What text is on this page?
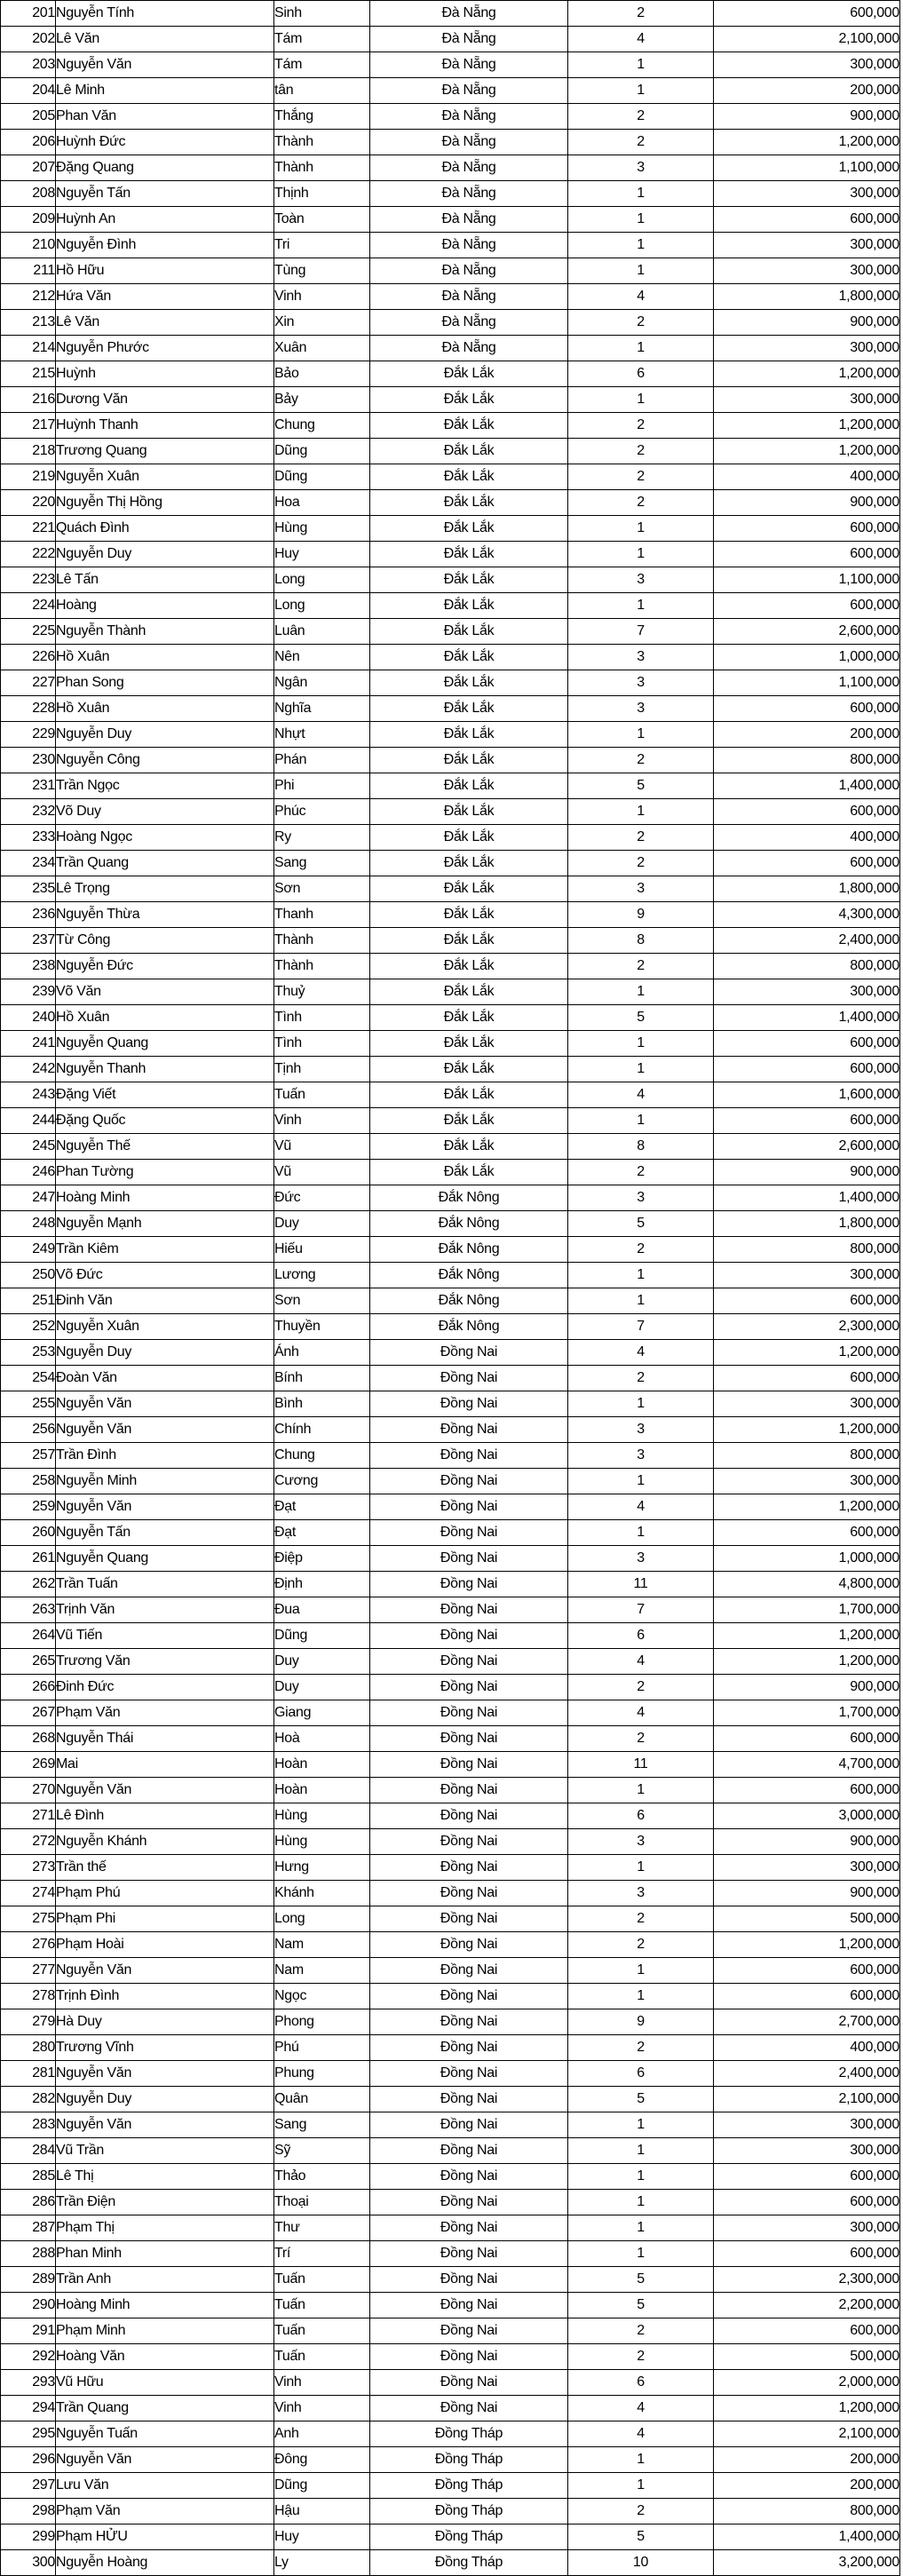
201	Nguyễn Tính	Sinh	Đà Nẵng	2	600,000
202	Lê Văn	Tám	Đà Nẵng	4	2,100,000
203	Nguyễn Văn	Tám	Đà Nẵng	1	300,000
204	Lê Minh	tân	Đà Nẵng	1	200,000
205	Phan Văn	Thắng	Đà Nẵng	2	900,000
206	Huỳnh Đức	Thành	Đà Nẵng	2	1,200,000
207	Đặng Quang	Thành	Đà Nẵng	3	1,100,000
208	Nguyễn Tấn	Thịnh	Đà Nẵng	1	300,000
209	Huỳnh An	Toàn	Đà Nẵng	1	600,000
210	Nguyễn Đình	Tri	Đà Nẵng	1	300,000
211	Hồ Hữu	Tùng	Đà Nẵng	1	300,000
212	Hứa Văn	Vinh	Đà Nẵng	4	1,800,000
213	Lê Văn	Xin	Đà Nẵng	2	900,000
214	Nguyễn Phước	Xuân	Đà Nẵng	1	300,000
215	Huỳnh	Bảo	Đắk Lắk	6	1,200,000
216	Dương Văn	Bảy	Đắk Lắk	1	300,000
217	Huỳnh Thanh	Chung	Đắk Lắk	2	1,200,000
218	Trương Quang	Dũng	Đắk Lắk	2	1,200,000
219	Nguyễn Xuân	Dũng	Đắk Lắk	2	400,000
220	Nguyễn Thị Hồng	Hoa	Đắk Lắk	2	900,000
221	Quách Đình	Hùng	Đắk Lắk	1	600,000
222	Nguyễn Duy	Huy	Đắk Lắk	1	600,000
223	Lê Tấn	Long	Đắk Lắk	3	1,100,000
224	Hoàng	Long	Đắk Lắk	1	600,000
225	Nguyễn Thành	Luân	Đắk Lắk	7	2,600,000
226	Hồ Xuân	Nên	Đắk Lắk	3	1,000,000
227	Phan Song	Ngân	Đắk Lắk	3	1,100,000
228	Hồ Xuân	Nghĩa	Đắk Lắk	3	600,000
229	Nguyễn Duy	Nhựt	Đắk Lắk	1	200,000
230	Nguyễn Công	Phán	Đắk Lắk	2	800,000
231	Trần Ngọc	Phi	Đắk Lắk	5	1,400,000
232	Võ Duy	Phúc	Đắk Lắk	1	600,000
233	Hoàng Ngọc	Ry	Đắk Lắk	2	400,000
234	Trần Quang	Sang	Đắk Lắk	2	600,000
235	Lê Trọng	Sơn	Đắk Lắk	3	1,800,000
236	Nguyễn Thừa	Thanh	Đắk Lắk	9	4,300,000
237	Từ Công	Thành	Đắk Lắk	8	2,400,000
238	Nguyễn Đức	Thành	Đắk Lắk	2	800,000
239	Võ Văn	Thuỷ	Đắk Lắk	1	300,000
240	Hồ Xuân	Tình	Đắk Lắk	5	1,400,000
241	Nguyễn Quang	Tình	Đắk Lắk	1	600,000
242	Nguyễn Thanh	Tịnh	Đắk Lắk	1	600,000
243	Đặng Viết	Tuấn	Đắk Lắk	4	1,600,000
244	Đặng Quốc	Vinh	Đắk Lắk	1	600,000
245	Nguyễn Thế	Vũ	Đắk Lắk	8	2,600,000
246	Phan Tường	Vũ	Đắk Lắk	2	900,000
247	Hoàng Minh	Đức	Đắk Nông	3	1,400,000
248	Nguyễn Mạnh	Duy	Đắk Nông	5	1,800,000
249	Trần Kiêm	Hiếu	Đắk Nông	2	800,000
250	Võ Đức	Lương	Đắk Nông	1	300,000
251	Đinh Văn	Sơn	Đắk Nông	1	600,000
252	Nguyễn Xuân	Thuyền	Đắk Nông	7	2,300,000
253	Nguyễn Duy	Ánh	Đồng Nai	4	1,200,000
254	Đoàn Văn	Bính	Đồng Nai	2	600,000
255	Nguyễn Văn	Bình	Đồng Nai	1	300,000
256	Nguyễn Văn	Chính	Đồng Nai	3	1,200,000
257	Trần Đình	Chung	Đồng Nai	3	800,000
258	Nguyễn Minh	Cương	Đồng Nai	1	300,000
259	Nguyễn Văn	Đạt	Đồng Nai	4	1,200,000
260	Nguyễn Tấn	Đạt	Đồng Nai	1	600,000
261	Nguyễn Quang	Điệp	Đồng Nai	3	1,000,000
262	Trần Tuấn	Định	Đồng Nai	11	4,800,000
263	Trịnh Văn	Đua	Đồng Nai	7	1,700,000
264	Vũ Tiến	Dũng	Đồng Nai	6	1,200,000
265	Trương Văn	Duy	Đồng Nai	4	1,200,000
266	Đinh Đức	Duy	Đồng Nai	2	900,000
267	Phạm Văn	Giang	Đồng Nai	4	1,700,000
268	Nguyễn Thái	Hoà	Đồng Nai	2	600,000
269	Mai	Hoàn	Đồng Nai	11	4,700,000
270	Nguyễn Văn	Hoàn	Đồng Nai	1	600,000
271	Lê Đình	Hùng	Đồng Nai	6	3,000,000
272	Nguyễn Khánh	Hùng	Đồng Nai	3	900,000
273	Trần thế	Hưng	Đồng Nai	1	300,000
274	Phạm Phú	Khánh	Đồng Nai	3	900,000
275	Phạm Phi	Long	Đồng Nai	2	500,000
276	Phạm Hoài	Nam	Đồng Nai	2	1,200,000
277	Nguyễn Văn	Nam	Đồng Nai	1	600,000
278	Trịnh Đình	Ngọc	Đồng Nai	1	600,000
279	Hà Duy	Phong	Đồng Nai	9	2,700,000
280	Trương Vĩnh	Phú	Đồng Nai	2	400,000
281	Nguyễn Văn	Phung	Đồng Nai	6	2,400,000
282	Nguyễn Duy	Quân	Đồng Nai	5	2,100,000
283	Nguyễn Văn	Sang	Đồng Nai	1	300,000
284	Vũ Trần	Sỹ	Đồng Nai	1	300,000
285	Lê Thị	Thảo	Đồng Nai	1	600,000
286	Trần Điện	Thoại	Đồng Nai	1	600,000
287	Phạm Thị	Thư	Đồng Nai	1	300,000
288	Phan Minh	Trí	Đồng Nai	1	600,000
289	Trần Anh	Tuấn	Đồng Nai	5	2,300,000
290	Hoàng Minh	Tuấn	Đồng Nai	5	2,200,000
291	Phạm Minh	Tuấn	Đồng Nai	2	600,000
292	Hoàng Văn	Tuấn	Đồng Nai	2	500,000
293	Vũ Hữu	Vinh	Đồng Nai	6	2,000,000
294	Trần Quang	Vinh	Đồng Nai	4	1,200,000
295	Nguyễn Tuấn	Anh	Đồng Tháp	4	2,100,000
296	Nguyễn Văn	Đông	Đồng Tháp	1	200,000
297	Lưu Văn	Dũng	Đồng Tháp	1	200,000
298	Phạm Văn	Hậu	Đồng Tháp	2	800,000
299	Phạm HỬU	Huy	Đồng Tháp	5	1,400,000
300	Nguyễn Hoàng	Ly	Đồng Tháp	10	3,200,000
